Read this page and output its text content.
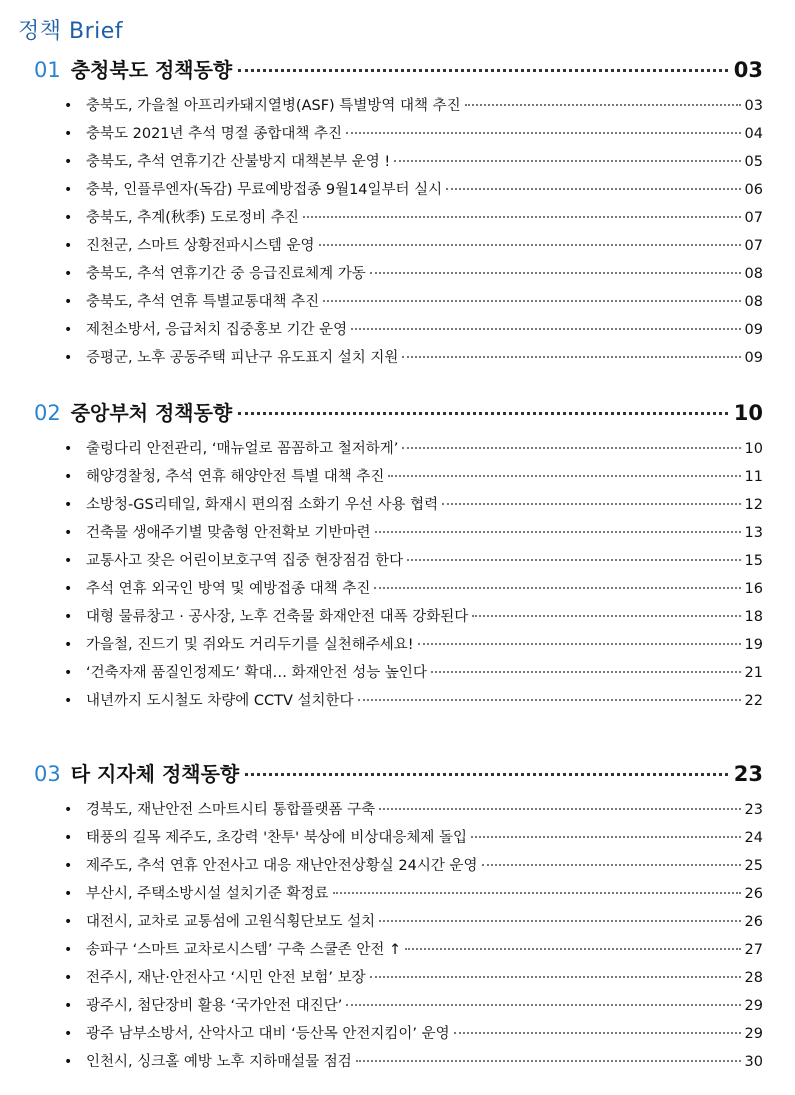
정책 Brief
01 충청북도 정책동향	03
• 충북도, 가을철 아프리카돼지열병(ASF) 특별방역 대책 추진	03
• 충북도 2021년 추석 명절 종합대책 추진	04
• 충북도, 추석 연휴기간 산불방지 대책본부 운영 !	05
• 충북, 인플루엔자(독감) 무료예방접종 9월14일부터 실시	06
• 충북도, 추계(秋季) 도로정비 추진	07
• 진천군, 스마트 상황전파시스템 운영	07
• 충북도, 추석 연휴기간 중 응급진료체계 가동	08
• 충북도, 추석 연휴 특별교통대책 추진	08
• 제천소방서, 응급처치 집중홍보 기간 운영	09
• 증평군, 노후 공동주택 피난구 유도표지 설치 지원	09
02 중앙부처 정책동향	10
• 출렁다리 안전관리, ‘매뉴얼로 꼼꼼하고 철저하게’	10
• 해양경찰청, 추석 연휴 해양안전 특별 대책 추진	11
• 소방청-GS리테일, 화재시 편의점 소화기 우선 사용 협력	12
• 건축물 생애주기별 맞춤형 안전확보 기반마련	13
• 교통사고 잦은 어린이보호구역 집중 현장점검 한다	15
• 추석 연휴 외국인 방역 및 예방접종 대책 추진	16
• 대형 물류창고 · 공사장, 노후 건축물 화재안전 대폭 강화된다	18
• 가을철, 진드기 및 쥐와도 거리두기를 실천해주세요!	19
• ‘건축자재 품질인정제도’ 확대… 화재안전 성능 높인다	21
• 내년까지 도시철도 차량에 CCTV 설치한다	22
03 타 지자체 정책동향	23
• 경북도, 재난안전 스마트시티 통합플랫폼 구축	23
• 태풍의 길목 제주도, 초강력 '찬투' 북상에 비상대응체제 돌입	24
• 제주도, 추석 연휴 안전사고 대응 재난안전상황실 24시간 운영	25
• 부산시, 주택소방시설 설치기준 확정료	26
• 대전시, 교차로 교통섬에 고원식횡단보도 설치	26
• 송파구 ‘스마트 교차로시스템’ 구축 스쿨존 안전 ↑	27
• 전주시, 재난·안전사고 ‘시민 안전 보험’ 보장	28
• 광주시, 첨단장비 활용 ‘국가안전 대진단’	29
• 광주 남부소방서, 산악사고 대비 ‘등산목 안전지킴이’ 운영	29
• 인천시, 싱크홀 예방 노후 지하매설물 점검	30
